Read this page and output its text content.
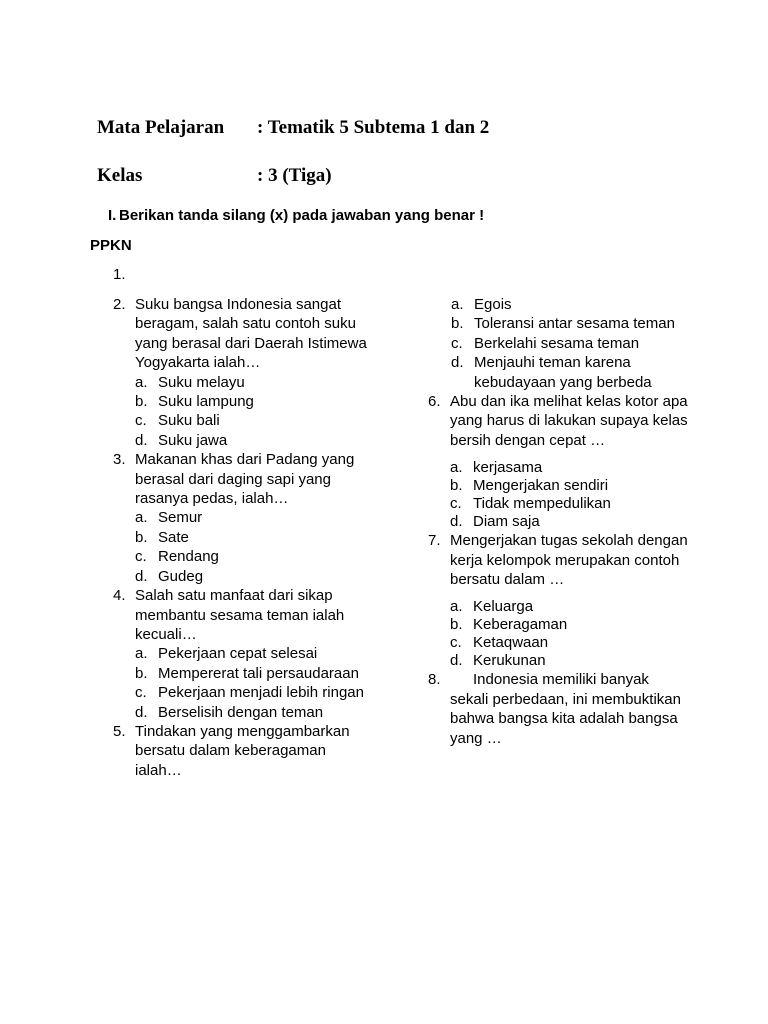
Mata Pelajaran : Tematik 5 Subtema 1 dan 2
Kelas	: 3 (Tiga)
I. Berikan tanda silang (x) pada jawaban yang benar !
PPKN
1.
2. Suku bangsa Indonesia sangat beragam, salah satu contoh suku yang berasal dari Daerah Istimewa Yogyakarta ialah…
a. Suku melayu
b. Suku lampung
c. Suku bali
d. Suku jawa
3. Makanan khas dari Padang yang berasal dari daging sapi yang rasanya pedas, ialah…
a. Semur
b. Sate
c. Rendang
d. Gudeg
4. Salah satu manfaat dari sikap membantu sesama teman ialah kecuali…
a. Pekerjaan cepat selesai
b. Mempererat tali persaudaraan
c. Pekerjaan menjadi lebih ringan
d. Berselisih dengan teman
5. Tindakan yang menggambarkan bersatu dalam keberagaman ialah…
a. Egois
b. Toleransi antar sesama teman
c. Berkelahi sesama teman
d. Menjauhi teman karena kebudayaan yang berbeda
6. Abu dan ika melihat kelas kotor apa yang harus di lakukan supaya kelas bersih dengan cepat …
a. kerjasama
b. Mengerjakan sendiri
c. Tidak mempedulikan
d. Diam saja
7. Mengerjakan tugas sekolah dengan kerja kelompok merupakan contoh bersatu dalam …
a. Keluarga
b. Keberagaman
c. Ketaqwaan
d. Kerukunan
8.	Indonesia memiliki banyak sekali perbedaan, ini membuktikan bahwa bangsa kita adalah bangsa yang …
